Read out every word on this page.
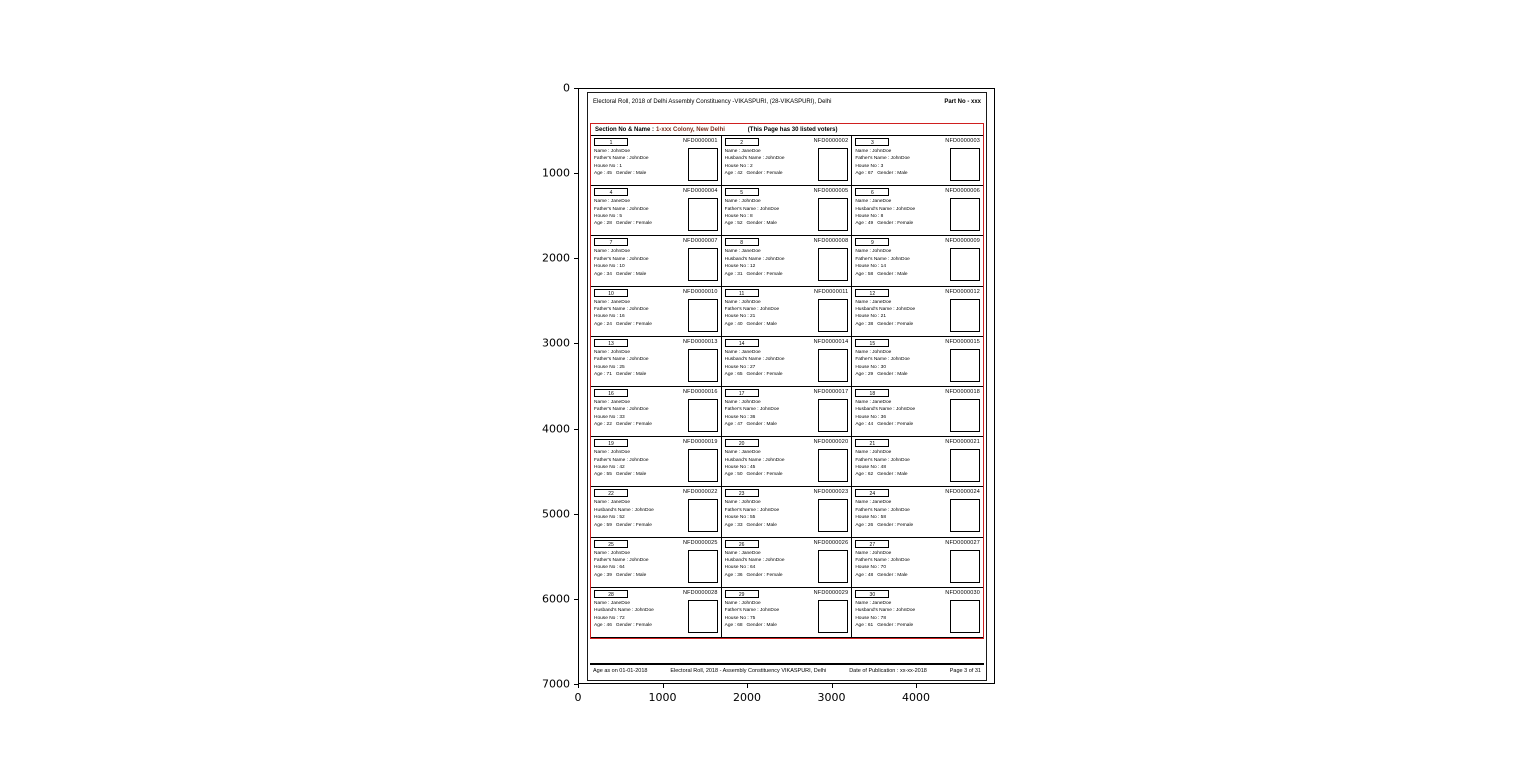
Electoral Roll, 2018 of Delhi Assembly Constituency -VIKASPURI, (28-VIKASPURI), Delhi	Part No - xxx
Section No & Name : 1-xxx Colony, New Delhi	(This Page has 30 listed voters)
1	NFD0000001
Name : JohnDoe
Father's Name : JohnDoe
House No : 1
Age : 45   Gender : Male
2	NFD0000002
Name : JaneDoe
Husband's Name : JohnDoe
House No : 2
Age : 42   Gender : Female
3	NFD0000003
Name : JohnDoe
Father's Name : JohnDoe
House No : 3
Age : 67   Gender : Male
4	NFD0000004
Name : JaneDoe
Father's Name : JohnDoe
House No : 5
Age : 28   Gender : Female
5	NFD0000005
Name : JohnDoe
Father's Name : JohnDoe
House No : 8
Age : 52   Gender : Male
6	NFD0000006
Name : JaneDoe
Husband's Name : JohnDoe
House No : 8
Age : 49   Gender : Female
7	NFD0000007
Name : JohnDoe
Father's Name : JohnDoe
House No : 10
Age : 34   Gender : Male
8	NFD0000008
Name : JaneDoe
Husband's Name : JohnDoe
House No : 12
Age : 31   Gender : Female
9	NFD0000009
Name : JohnDoe
Father's Name : JohnDoe
House No : 14
Age : 58   Gender : Male
10	NFD0000010
Name : JaneDoe
Father's Name : JohnDoe
House No : 16
Age : 24   Gender : Female
11	NFD0000011
Name : JohnDoe
Father's Name : JohnDoe
House No : 21
Age : 40   Gender : Male
12	NFD0000012
Name : JaneDoe
Husband's Name : JohnDoe
House No : 21
Age : 38   Gender : Female
13	NFD0000013
Name : JohnDoe
Father's Name : JohnDoe
House No : 25
Age : 71   Gender : Male
14	NFD0000014
Name : JaneDoe
Husband's Name : JohnDoe
House No : 27
Age : 65   Gender : Female
15	NFD0000015
Name : JohnDoe
Father's Name : JohnDoe
House No : 30
Age : 29   Gender : Male
16	NFD0000016
Name : JaneDoe
Father's Name : JohnDoe
House No : 33
Age : 22   Gender : Female
17	NFD0000017
Name : JohnDoe
Father's Name : JohnDoe
House No : 36
Age : 47   Gender : Male
18	NFD0000018
Name : JaneDoe
Husband's Name : JohnDoe
House No : 36
Age : 44   Gender : Female
19	NFD0000019
Name : JohnDoe
Father's Name : JohnDoe
House No : 42
Age : 55   Gender : Male
20	NFD0000020
Name : JaneDoe
Husband's Name : JohnDoe
House No : 45
Age : 50   Gender : Female
21	NFD0000021
Name : JohnDoe
Father's Name : JohnDoe
House No : 48
Age : 62   Gender : Male
22	NFD0000022
Name : JaneDoe
Husband's Name : JohnDoe
House No : 52
Age : 59   Gender : Female
23	NFD0000023
Name : JohnDoe
Father's Name : JohnDoe
House No : 55
Age : 33   Gender : Male
24	NFD0000024
Name : JaneDoe
Father's Name : JohnDoe
House No : 58
Age : 26   Gender : Female
25	NFD0000025
Name : JohnDoe
Father's Name : JohnDoe
House No : 64
Age : 39   Gender : Male
26	NFD0000026
Name : JaneDoe
Husband's Name : JohnDoe
House No : 64
Age : 36   Gender : Female
27	NFD0000027
Name : JohnDoe
Father's Name : JohnDoe
House No : 70
Age : 48   Gender : Male
28	NFD0000028
Name : JaneDoe
Husband's Name : JohnDoe
House No : 72
Age : 46   Gender : Female
29	NFD0000029
Name : JohnDoe
Father's Name : JohnDoe
House No : 75
Age : 68   Gender : Male
30	NFD0000030
Name : JaneDoe
Husband's Name : JohnDoe
House No : 78
Age : 61   Gender : Female
Age as on 01-01-2018	Electoral Roll, 2018 - Assembly Constituency VIKASPURI, Delhi	Date of Publication : xx-xx-2018	Page 3 of 31
0
1000
2000
3000
4000
5000
6000
7000
0	1000	2000	3000	4000
